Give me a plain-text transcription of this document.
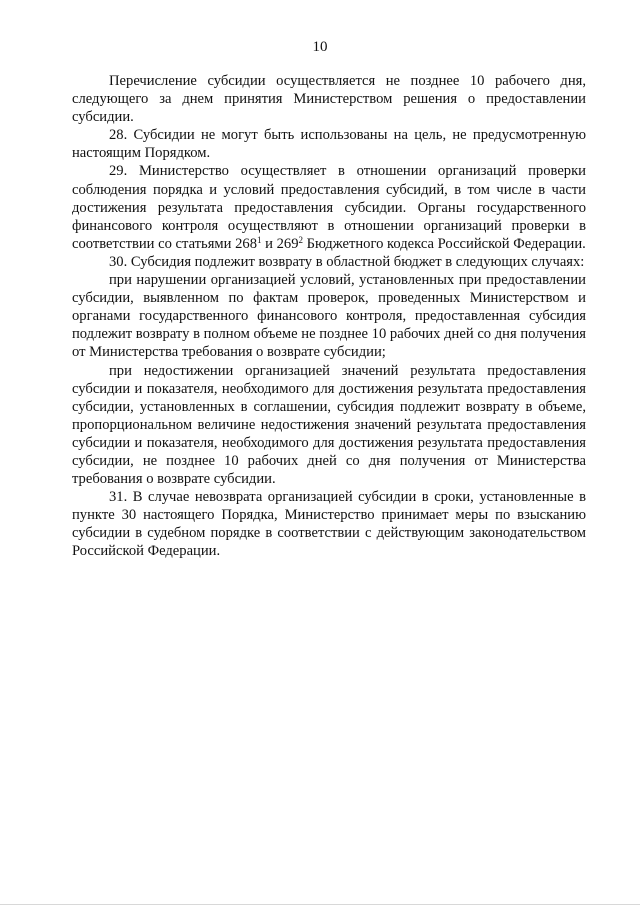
10

Перечисление субсидии осуществляется не позднее 10 рабочего дня, следующего за днем принятия Министерством решения о предоставлении субсидии.

28. Субсидии не могут быть использованы на цель, не предусмотренную настоящим Порядком.

29. Министерство осуществляет в отношении организаций проверки соблюдения порядка и условий предоставления субсидий, в том числе в части достижения результата предоставления субсидии. Органы государственного финансового контроля осуществляют в отношении организаций проверки в соответствии со статьями $268^1$ и $269^2$ Бюджетного кодекса Российской Федерации.

30. Субсидия подлежит возврату в областной бюджет в следующих случаях:

при нарушении организацией условий, установленных при предоставлении субсидии, выявленном по фактам проверок, проведенных Министерством и органами государственного финансового контроля, предоставленная субсидия подлежит возврату в полном объеме не позднее 10 рабочих дней со дня получения от Министерства требования о возврате субсидии;

при недостижении организацией значений результата предоставления субсидии и показателя, необходимого для достижения результата предоставления субсидии, установленных в соглашении, субсидия подлежит возврату в объеме, пропорциональном величине недостижения значений результата предоставления субсидии и показателя, необходимого для достижения результата предоставления субсидии, не позднее 10 рабочих дней со дня получения от Министерства требования о возврате субсидии.

31. В случае невозврата организацией субсидии в сроки, установленные в пункте 30 настоящего Порядка, Министерство принимает меры по взысканию субсидии в судебном порядке в соответствии с действующим законодательством Российской Федерации.
